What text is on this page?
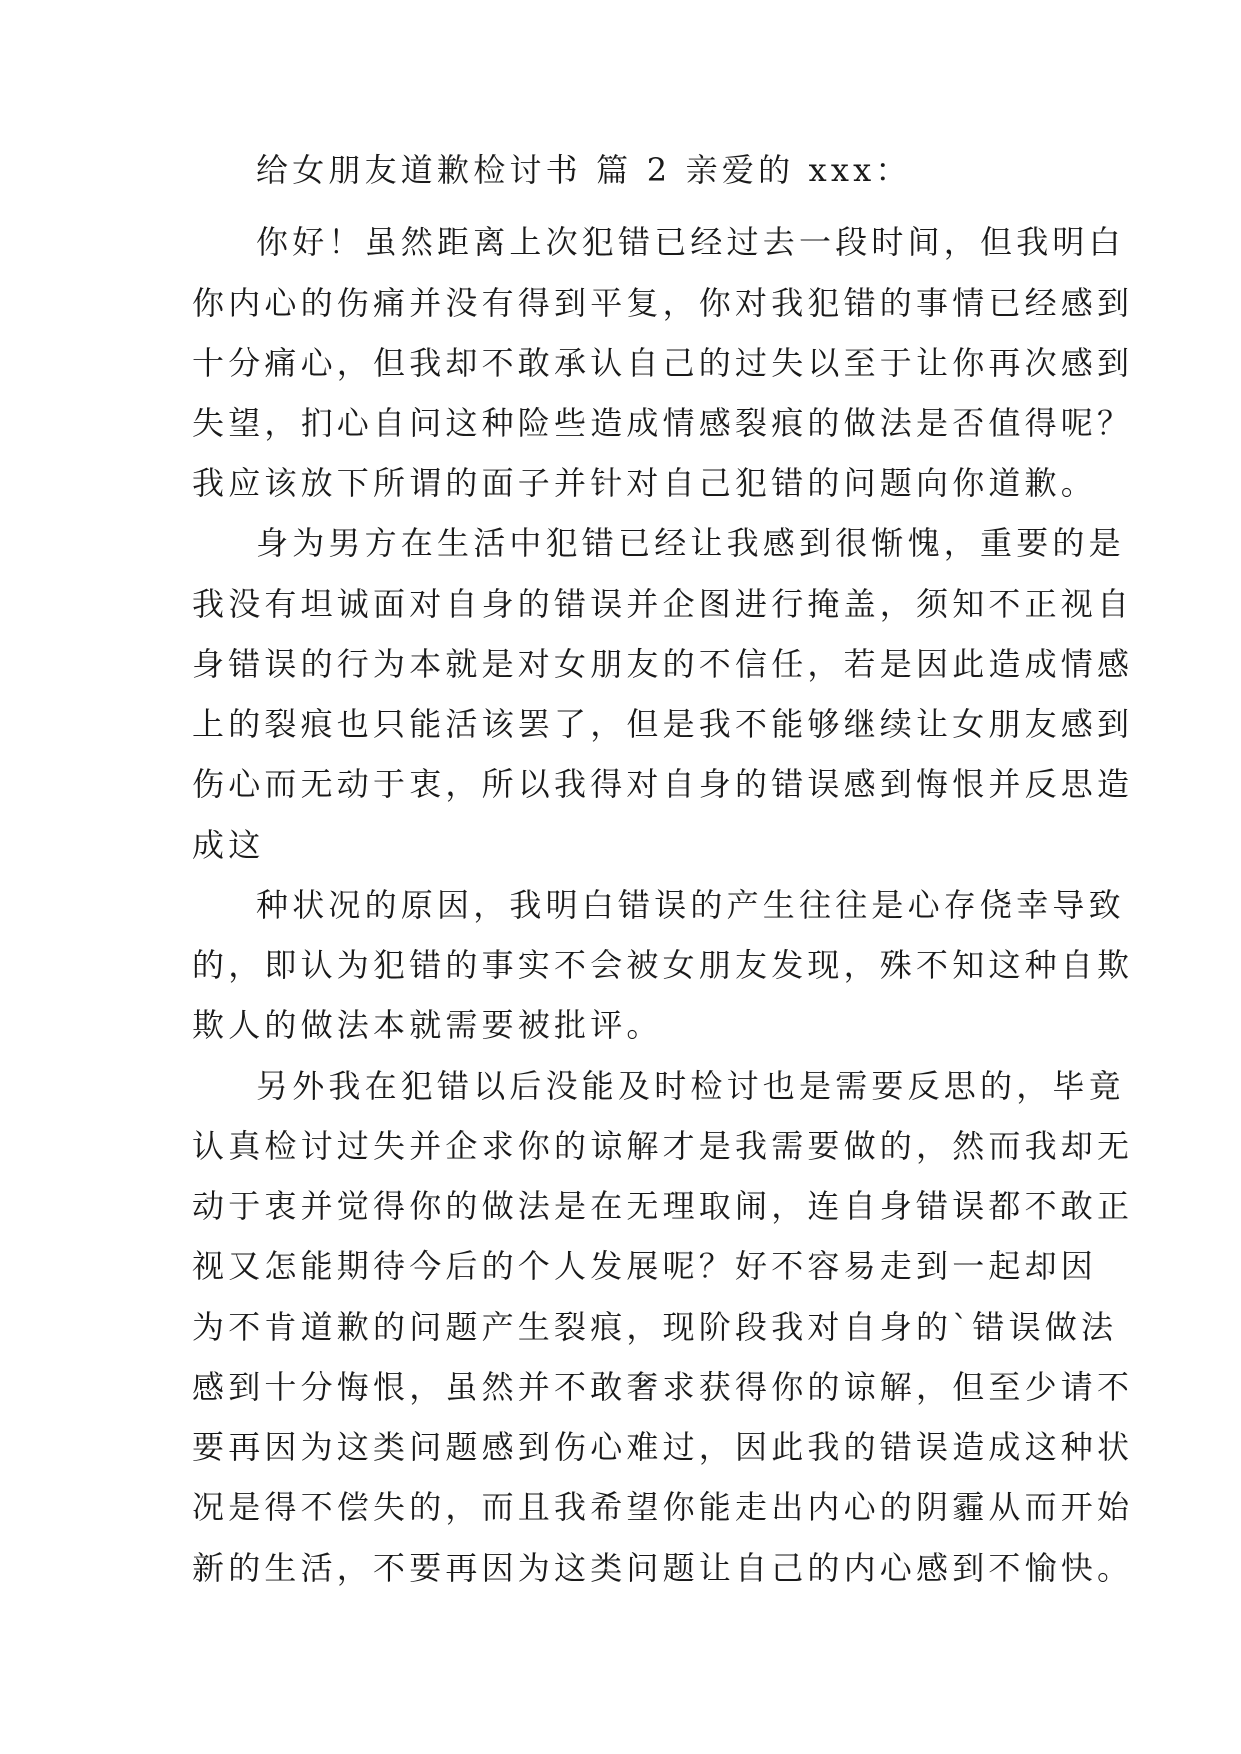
给女朋友道歉检讨书 篇 2 亲爱的 xxx：
你好！虽然距离上次犯错已经过去一段时间，但我明白
你内心的伤痛并没有得到平复，你对我犯错的事情已经感到
十分痛心，但我却不敢承认自己的过失以至于让你再次感到
失望，扪心自问这种险些造成情感裂痕的做法是否值得呢？
我应该放下所谓的面子并针对自己犯错的问题向你道歉。
身为男方在生活中犯错已经让我感到很惭愧，重要的是
我没有坦诚面对自身的错误并企图进行掩盖，须知不正视自
身错误的行为本就是对女朋友的不信任，若是因此造成情感
上的裂痕也只能活该罢了，但是我不能够继续让女朋友感到
伤心而无动于衷，所以我得对自身的错误感到悔恨并反思造
成这
种状况的原因，我明白错误的产生往往是心存侥幸导致
的，即认为犯错的事实不会被女朋友发现，殊不知这种自欺
欺人的做法本就需要被批评。
另外我在犯错以后没能及时检讨也是需要反思的，毕竟
认真检讨过失并企求你的谅解才是我需要做的，然而我却无
动于衷并觉得你的做法是在无理取闹，连自身错误都不敢正
视又怎能期待今后的个人发展呢？好不容易走到一起却因
为不肯道歉的问题产生裂痕，现阶段我对自身的`错误做法
感到十分悔恨，虽然并不敢奢求获得你的谅解，但至少请不
要再因为这类问题感到伤心难过，因此我的错误造成这种状
况是得不偿失的，而且我希望你能走出内心的阴霾从而开始
新的生活，不要再因为这类问题让自己的内心感到不愉快。
